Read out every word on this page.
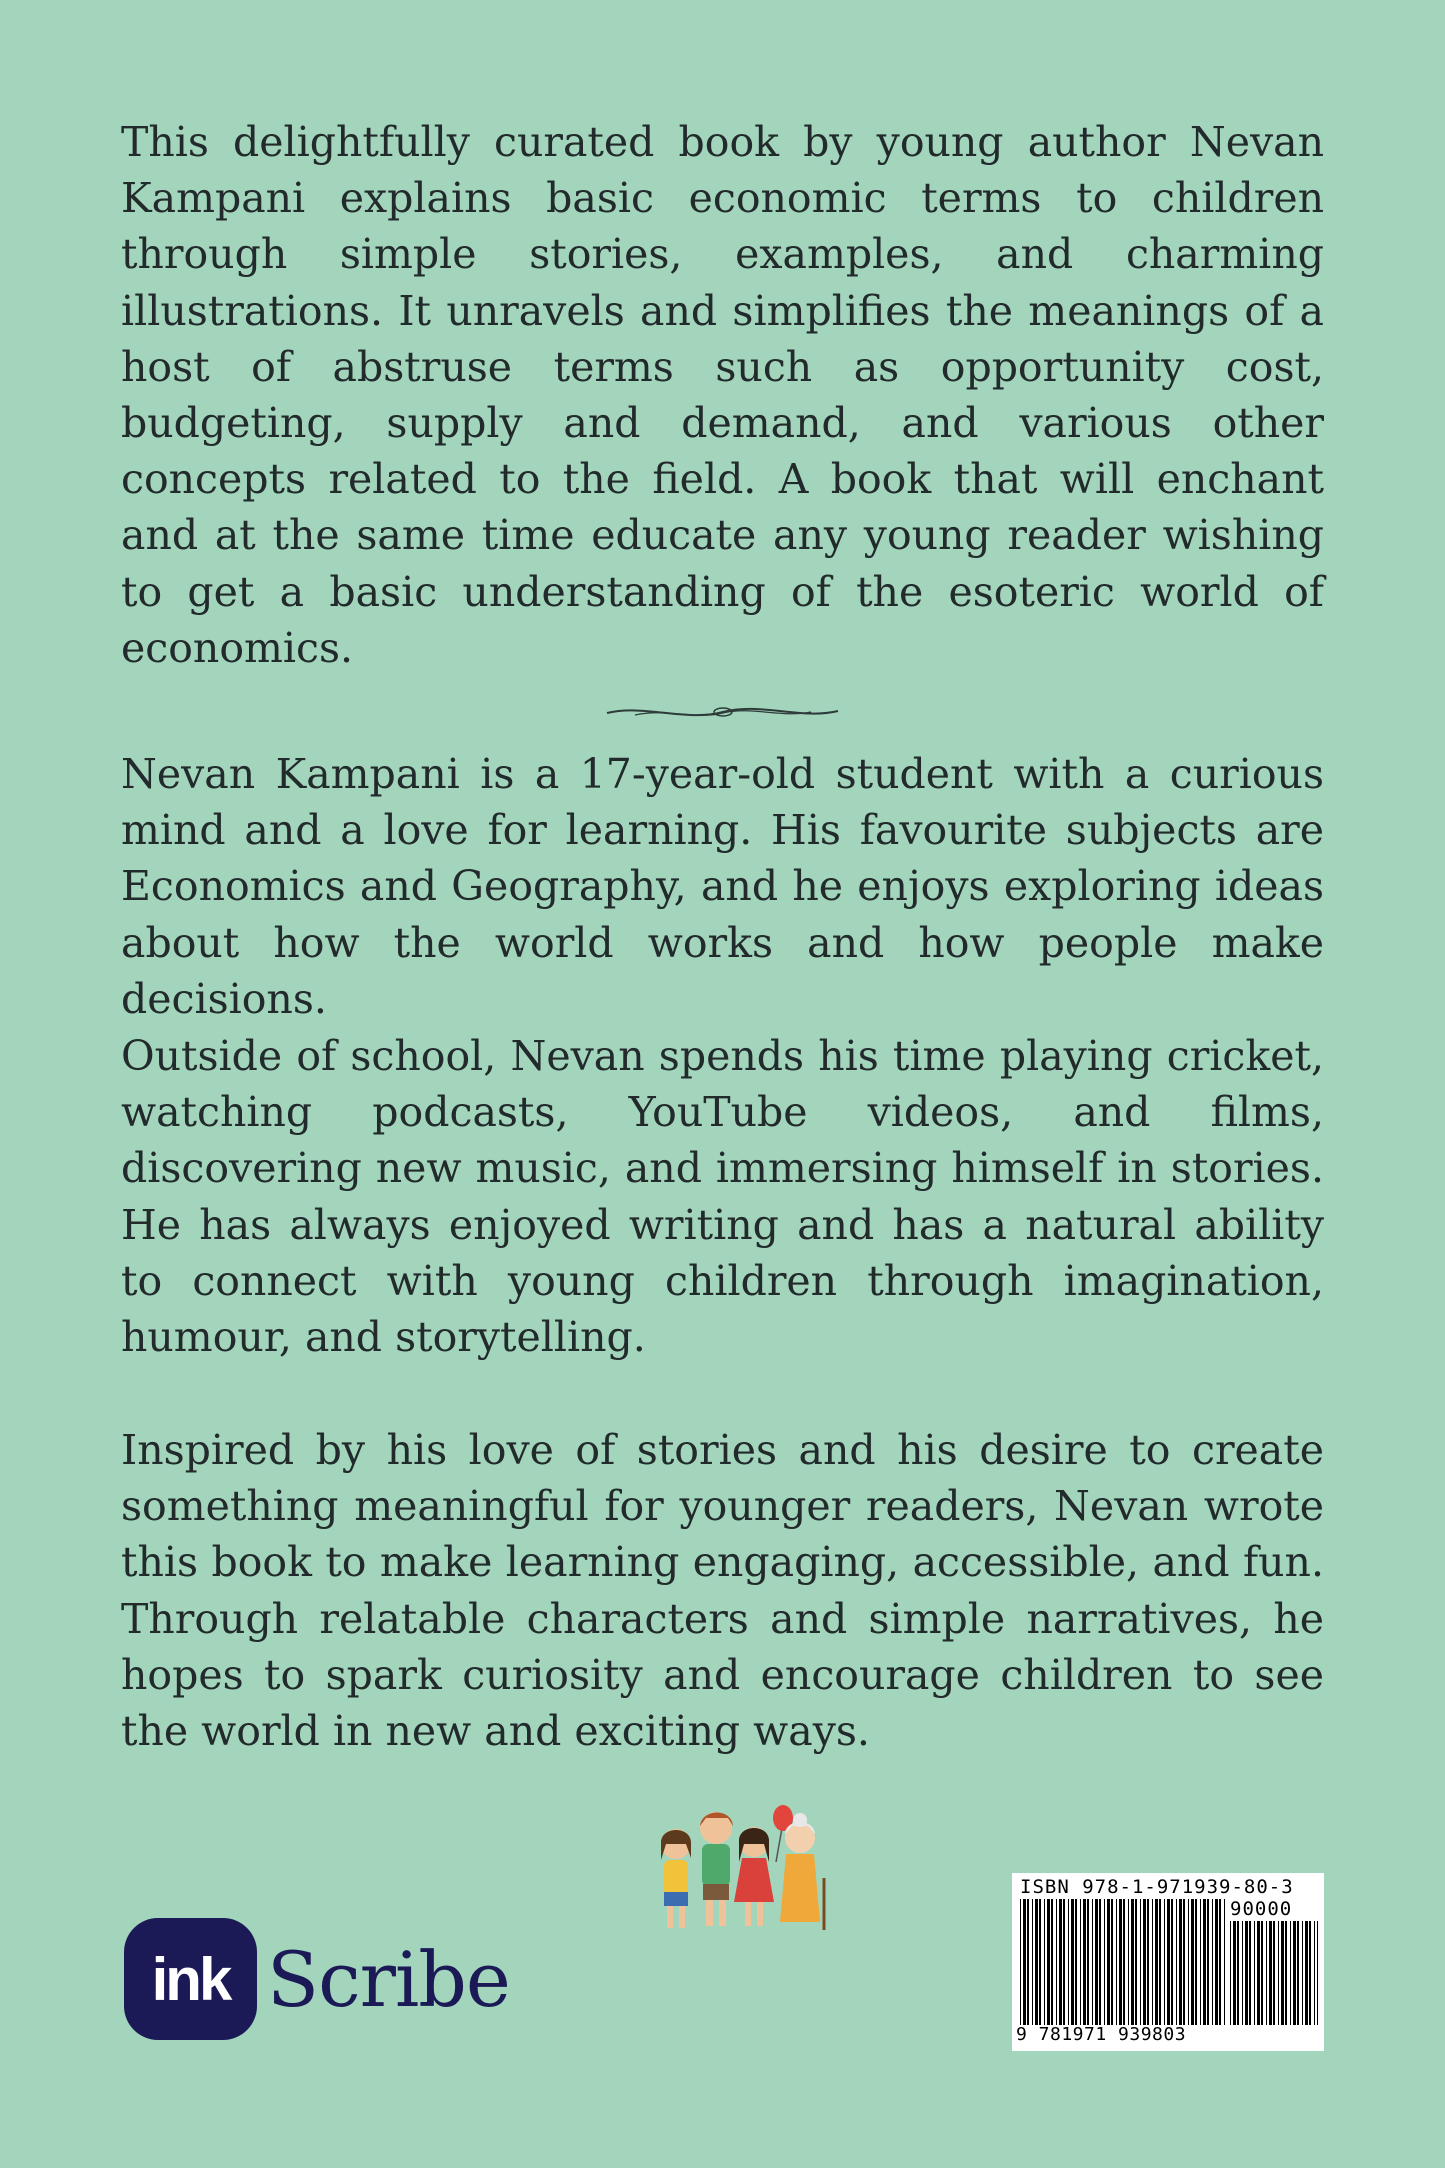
This delightfully curated book by young author Nevan Kampani explains basic economic terms to children through simple stories, examples, and charming illustrations. It unravels and simplifies the meanings of a host of abstruse terms such as opportunity cost, budgeting, supply and demand, and various other concepts related to the field. A book that will enchant and at the same time educate any young reader wishing to get a basic understanding of the esoteric world of economics.

Nevan Kampani is a 17-year-old student with a curious mind and a love for learning. His favourite subjects are Economics and Geography, and he enjoys exploring ideas about how the world works and how people make decisions.

Outside of school, Nevan spends his time playing cricket, watching podcasts, YouTube videos, and films, discovering new music, and immersing himself in stories. He has always enjoyed writing and has a natural ability to connect with young children through imagination, humour, and storytelling.

Inspired by his love of stories and his desire to create something meaningful for younger readers, Nevan wrote this book to make learning engaging, accessible, and fun. Through relatable characters and simple narratives, he hopes to spark curiosity and encourage children to see the world in new and exciting ways.

ink Scribe
ISBN 978-1-971939-80-3
90000
9 781971 939803
